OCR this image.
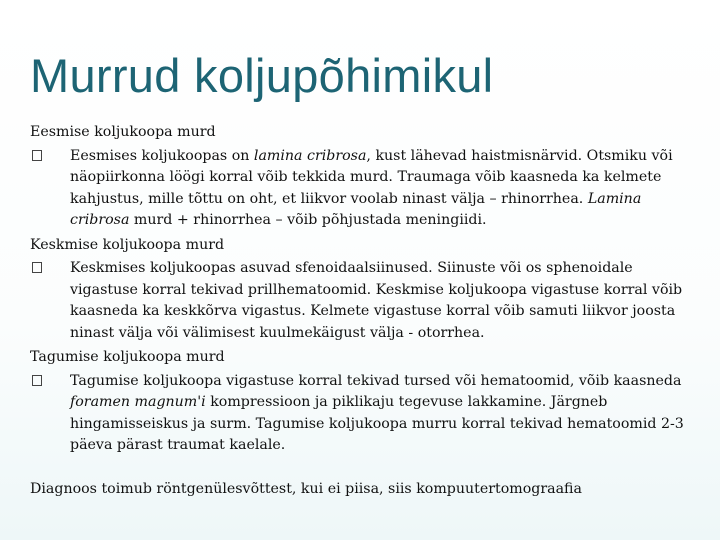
Murrud koljupõhimikul

Eesmise koljukoopa murd

Eesmises koljukoopas on lamina cribrosa, kust lähevad haistmisnärvid. Otsmiku või näopiirkonna löögi korral võib tekkida murd. Traumaga võib kaasneda ka kelmete kahjustus, mille tõttu on oht, et liikvor voolab ninast välja – rhinorrhea. Lamina cribrosa murd + rhinorrhea – võib põhjustada meningiidi.

Keskmise koljukoopa murd

Keskmises koljukoopas asuvad sfenoidaalsiinused. Siinuste või os sphenoidale vigastuse korral tekivad prillhematoomid. Keskmise koljukoopa vigastuse korral võib kaasneda ka keskkõrva vigastus. Kelmete vigastuse korral võib samuti liikvor joosta ninast välja või välimisest kuulmekäigust välja - otorrhea.

Tagumise koljukoopa murd

Tagumise koljukoopa vigastuse korral tekivad tursed või hematoomid, võib kaasneda foramen magnum'i kompressioon ja piklikaju tegevuse lakkamine. Järgneb hingamisseiskus ja surm. Tagumise koljukoopa murru korral tekivad hematoomid 2-3 päeva pärast traumat kaelale.

Diagnoos toimub röntgenülesvõttest, kui ei piisa, siis kompuutertomograafia
